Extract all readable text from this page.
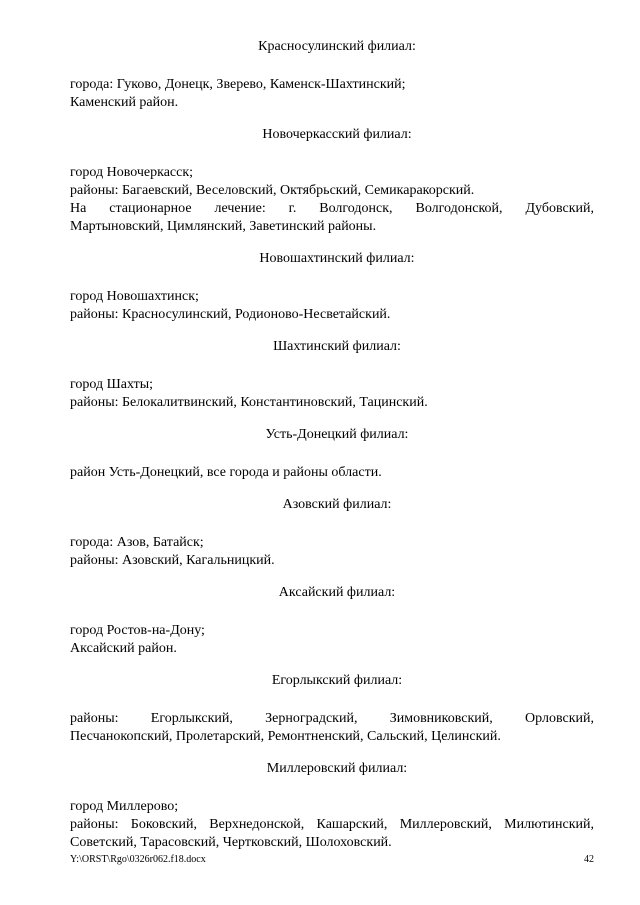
Красносулинский филиал:

города: Гуково, Донецк, Зверево, Каменск-Шахтинский;

Каменский район.

Новочеркасский филиал:

город Новочеркасск;

районы: Багаевский, Веселовский, Октябрьский, Семикаракорский.

На стационарное лечение: г. Волгодонск, Волгодонской, Дубовский,

Мартыновский, Цимлянский, Заветинский районы.

Новошахтинский филиал:

город Новошахтинск;

районы: Красносулинский, Родионово-Несветайский.

Шахтинский филиал:

город Шахты;

районы: Белокалитвинский, Константиновский, Тацинский.

Усть-Донецкий филиал:

район Усть-Донецкий, все города и районы области.

Азовский филиал:

города: Азов, Батайск;

районы: Азовский, Кагальницкий.

Аксайский филиал:

город Ростов-на-Дону;

Аксайский район.

Егорлыкский филиал:

районы: Егорлыкский, Зерноградский, Зимовниковский, Орловский,

Песчанокопский, Пролетарский, Ремонтненский, Сальский, Целинский.

Миллеровский филиал:

город Миллерово;

районы: Боковский, Верхнедонской, Кашарский, Миллеровский, Милютинский,

Советский, Тарасовский, Чертковский, Шолоховский.

Y:\ORST\Rgo\0326r062.f18.docx	42
